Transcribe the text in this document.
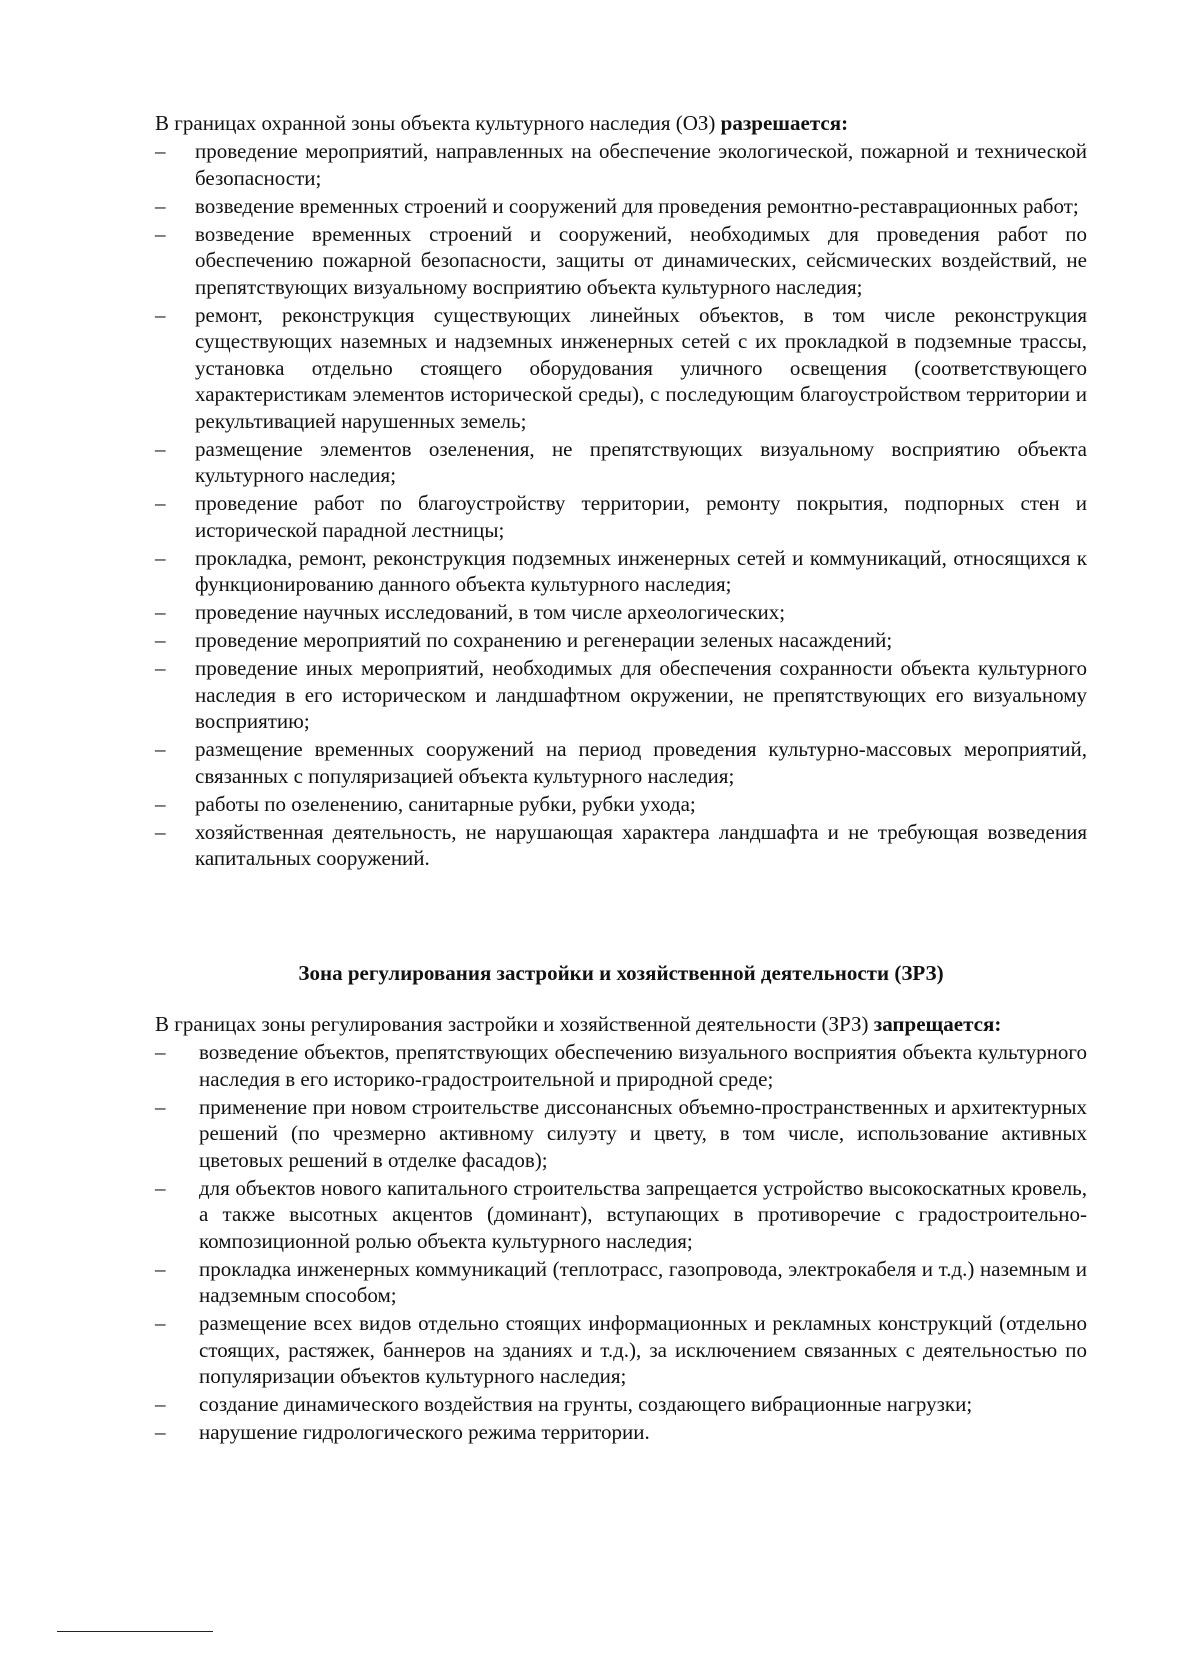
В границах охранной зоны объекта культурного наследия (ОЗ) разрешается:

– проведение мероприятий, направленных на обеспечение экологической, пожарной и технической безопасности;
– возведение временных строений и сооружений для проведения ремонтно-реставрационных работ;
– возведение временных строений и сооружений, необходимых для проведения работ по обеспечению пожарной безопасности, защиты от динамических, сейсмических воздействий, не препятствующих визуальному восприятию объекта культурного наследия;
– ремонт, реконструкция существующих линейных объектов, в том числе реконструкция существующих наземных и надземных инженерных сетей с их прокладкой в подземные трассы, установка отдельно стоящего оборудования уличного освещения (соответствующего характеристикам элементов исторической среды), с последующим благоустройством территории и рекультивацией нарушенных земель;
– размещение элементов озеленения, не препятствующих визуальному восприятию объекта культурного наследия;
– проведение работ по благоустройству территории, ремонту покрытия, подпорных стен и исторической парадной лестницы;
– прокладка, ремонт, реконструкция подземных инженерных сетей и коммуникаций, относящихся к функционированию данного объекта культурного наследия;
– проведение научных исследований, в том числе археологических;
– проведение мероприятий по сохранению и регенерации зеленых насаждений;
– проведение иных мероприятий, необходимых для обеспечения сохранности объекта культурного наследия в его историческом и ландшафтном окружении, не препятствующих его визуальному восприятию;
– размещение временных сооружений на период проведения культурно-массовых мероприятий, связанных с популяризацией объекта культурного наследия;
– работы по озеленению, санитарные рубки, рубки ухода;
– хозяйственная деятельность, не нарушающая характера ландшафта и не требующая возведения капитальных сооружений.
Зона регулирования застройки и хозяйственной деятельности (ЗРЗ)

В границах зоны регулирования застройки и хозяйственной деятельности (ЗРЗ) запрещается:

– возведение объектов, препятствующих обеспечению визуального восприятия объекта культурного наследия в его историко-градостроительной и природной среде;
– применение при новом строительстве диссонансных объемно-пространственных и архитектурных решений (по чрезмерно активному силуэту и цвету, в том числе, использование активных цветовых решений в отделке фасадов);
– для объектов нового капитального строительства запрещается устройство высокоскатных кровель, а также высотных акцентов (доминант), вступающих в противоречие с градостроительно-композиционной ролью объекта культурного наследия;
– прокладка инженерных коммуникаций (теплотрасс, газопровода, электрокабеля и т.д.) наземным и надземным способом;
– размещение всех видов отдельно стоящих информационных и рекламных конструкций (отдельно стоящих, растяжек, баннеров на зданиях и т.д.), за исключением связанных с деятельностью по популяризации объектов культурного наследия;
– создание динамического воздействия на грунты, создающего вибрационные нагрузки;
– нарушение гидрологического режима территории.
